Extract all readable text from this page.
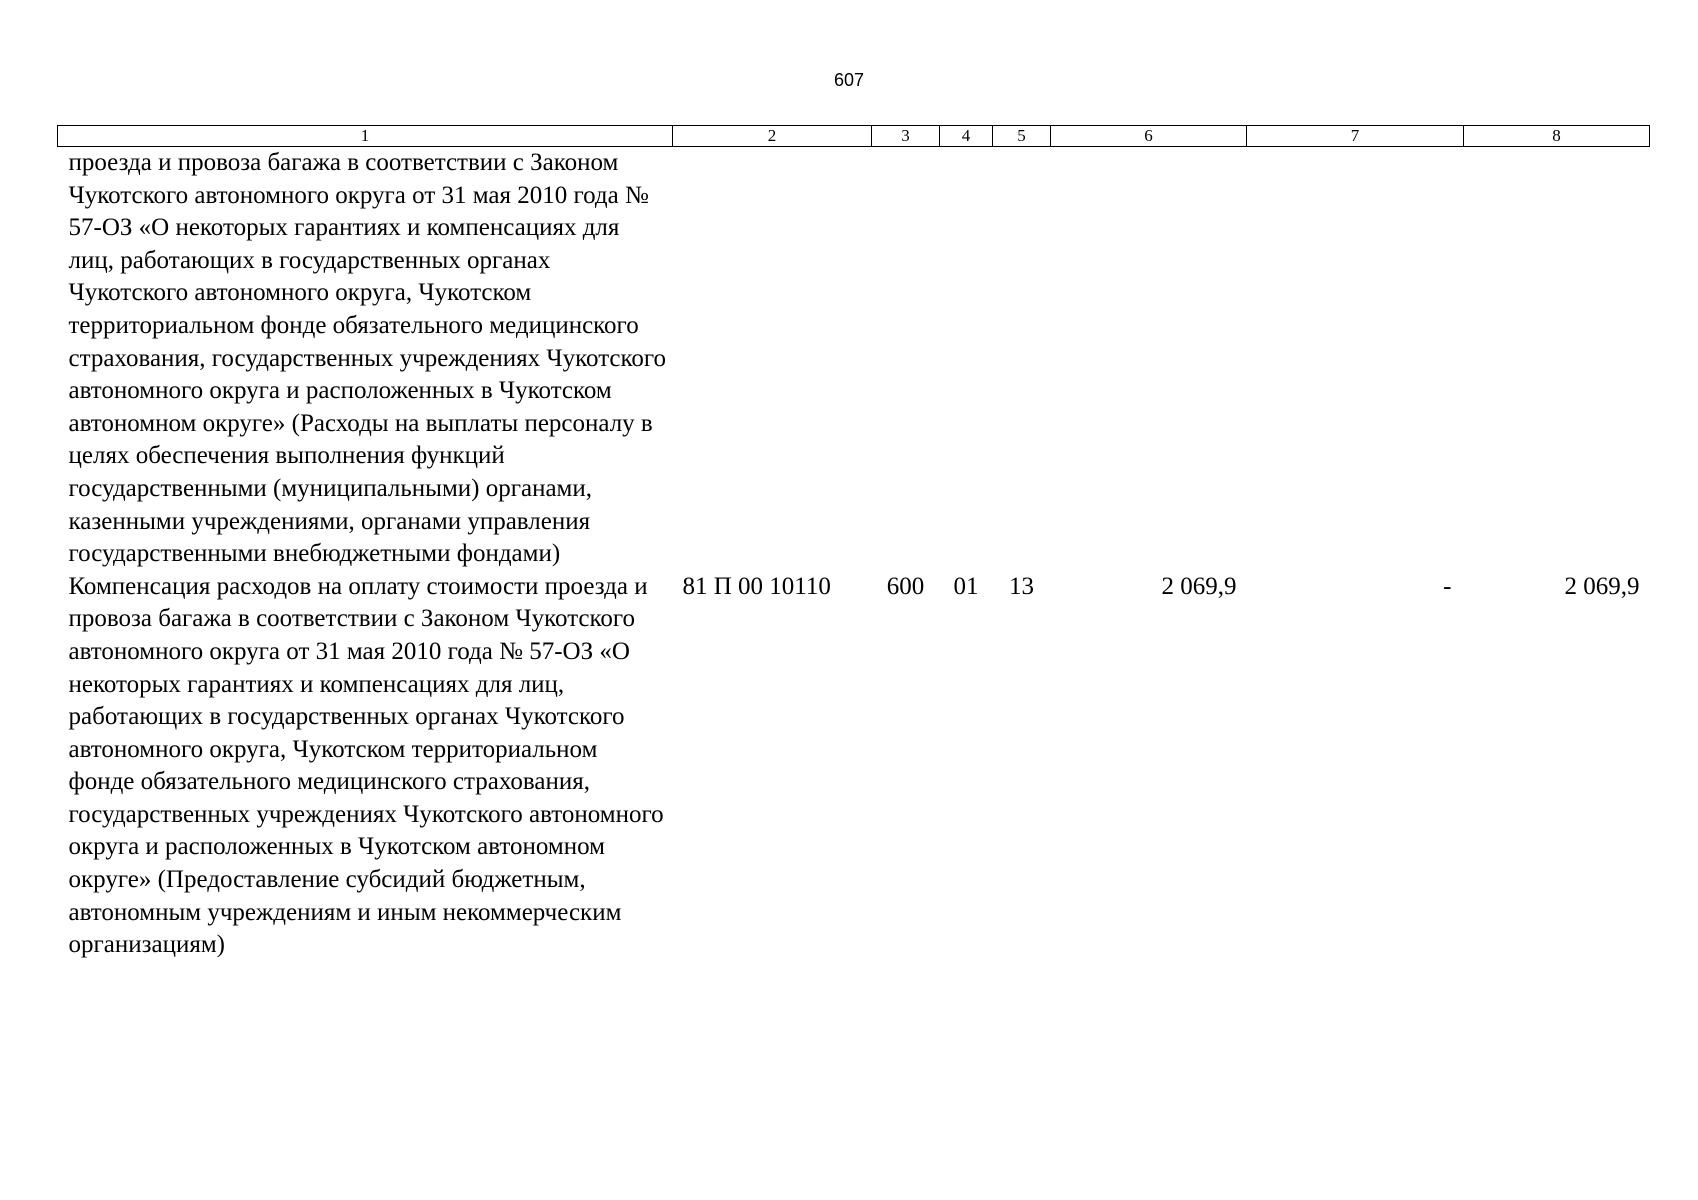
607
1	2	3	4	5	6	7	8
проезда и провоза багажа в соответствии с Законом Чукотского автономного округа от 31 мая 2010 года № 57-ОЗ «О некоторых гарантиях и компенсациях для лиц, работающих в государственных органах Чукотского автономного округа, Чукотском территориальном фонде обязательного медицинского страхования, государственных учреждениях Чукотского автономного округа и расположенных в Чукотском автономном округе» (Расходы на выплаты персоналу в целях обеспечения выполнения функций государственными (муниципальными) органами, казенными учреждениями, органами управления государственными внебюджетными фондами)							
Компенсация расходов на оплату стоимости проезда и провоза багажа в соответствии с Законом Чукотского автономного округа от 31 мая 2010 года № 57-ОЗ «О некоторых гарантиях и компенсациях для лиц, работающих в государственных органах Чукотского автономного округа, Чукотском территориальном фонде обязательного медицинского страхования, государственных учреждениях Чукотского автономного округа и расположенных в Чукотском автономном округе» (Предоставление субсидий бюджетным, автономным учреждениям и иным некоммерческим организациям)	81 П 00 10110	600	01	13	2 069,9	-	2 069,9
